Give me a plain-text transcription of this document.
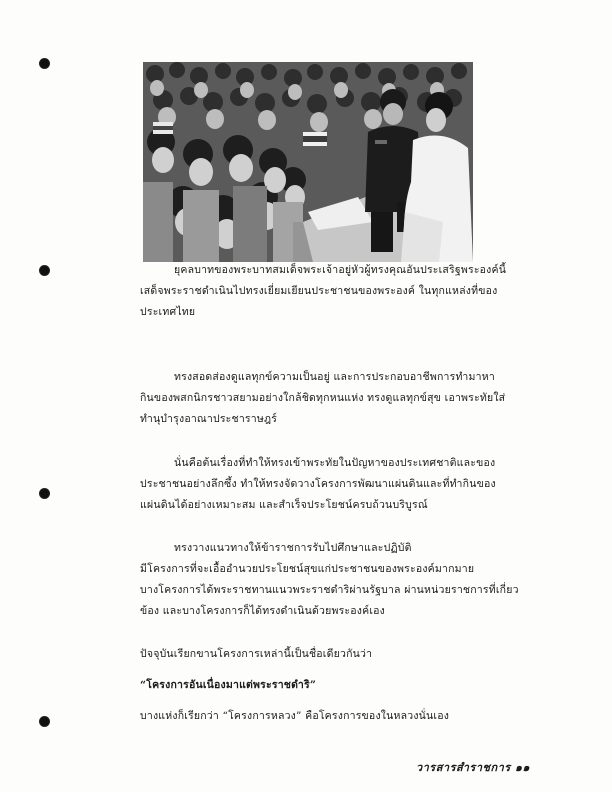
ยุคลบาทของพระบาทสมเด็จพระเจ้าอยู่หัวผู้ทรงคุณอันประเสริฐพระองค์นี้
เสด็จพระราชดำเนินไปทรงเยี่ยมเยียนประชาชนของพระองค์ ในทุกแหล่งที่ของ
ประเทศไทย
ทรงสอดส่องดูแลทุกข์ความเป็นอยู่ และการประกอบอาชีพการทำมาหา
กินของพสกนิกรชาวสยามอย่างใกล้ชิดทุกหนแห่ง ทรงดูแลทุกข์สุข เอาพระทัยใส่
ทำนุบำรุงอาณาประชาราษฎร์
นั่นคือต้นเรื่องที่ทำให้ทรงเข้าพระทัยในปัญหาของประเทศชาติและของ
ประชาชนอย่างลึกซึ้ง ทำให้ทรงจัดวางโครงการพัฒนาแผ่นดินและที่ทำกินของ
แผ่นดินได้อย่างเหมาะสม และสำเร็จประโยชน์ครบถ้วนบริบูรณ์
ทรงวางแนวทางให้ข้าราชการรับไปศึกษาและปฏิบัติ
มีโครงการที่จะเอื้ออำนวยประโยชน์สุขแก่ประชาชนของพระองค์มากมาย
บางโครงการได้พระราชทานแนวพระราชดำริผ่านรัฐบาล ผ่านหน่วยราชการที่เกี่ยว
ข้อง และบางโครงการก็ได้ทรงดำเนินด้วยพระองค์เอง
ปัจจุบันเรียกขานโครงการเหล่านี้เป็นชื่อเดียวกันว่า
“โครงการอันเนื่องมาแต่พระราชดำริ”
บางแห่งก็เรียกว่า “โครงการหลวง” คือโครงการของในหลวงนั่นเอง
วารสารสำราชการ ๑๑
